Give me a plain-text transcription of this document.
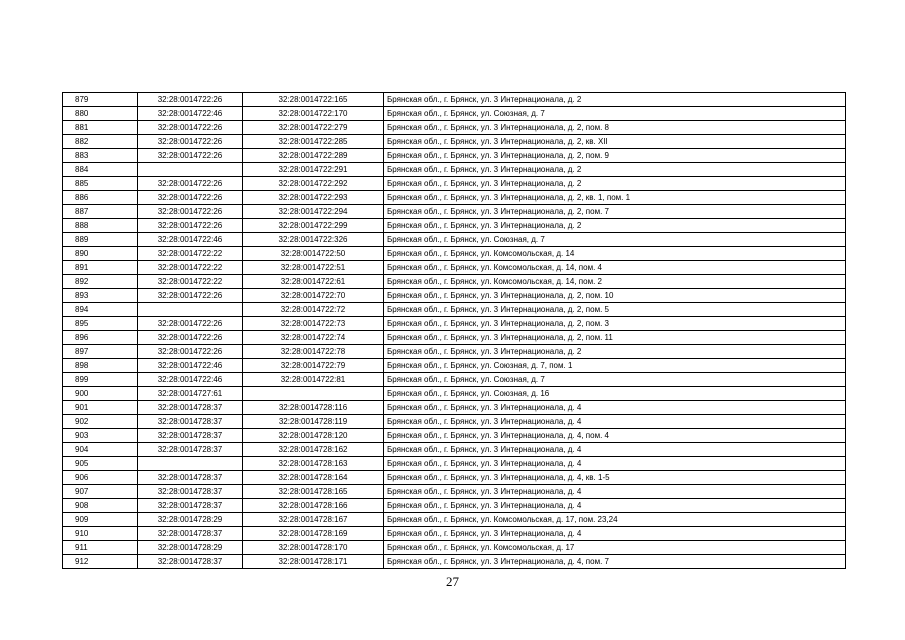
879	32:28:0014722:26	32:28:0014722:165	Брянская обл., г. Брянск, ул. 3 Интернационала, д. 2
880	32:28:0014722:46	32:28:0014722:170	Брянская обл., г. Брянск, ул. Союзная, д. 7
881	32:28:0014722:26	32:28:0014722:279	Брянская обл., г. Брянск, ул. 3 Интернационала, д. 2, пом. 8
882	32:28:0014722:26	32:28:0014722:285	Брянская обл., г. Брянск, ул. 3 Интернационала, д. 2, кв. XII
883	32:28:0014722:26	32:28:0014722:289	Брянская обл., г. Брянск, ул. 3 Интернационала, д. 2, пом. 9
884		32:28:0014722:291	Брянская обл., г. Брянск, ул. 3 Интернационала, д. 2
885	32:28:0014722:26	32:28:0014722:292	Брянская обл., г. Брянск, ул. 3 Интернационала, д. 2
886	32:28:0014722:26	32:28:0014722:293	Брянская обл., г. Брянск, ул. 3 Интернационала, д. 2, кв. 1, пом. 1
887	32:28:0014722:26	32:28:0014722:294	Брянская обл., г. Брянск, ул. 3 Интернационала, д. 2, пом. 7
888	32:28:0014722:26	32:28:0014722:299	Брянская обл., г. Брянск, ул. 3 Интернационала, д. 2
889	32:28:0014722:46	32:28:0014722:326	Брянская обл., г. Брянск, ул. Союзная, д. 7
890	32:28:0014722:22	32:28:0014722:50	Брянская обл., г. Брянск, ул. Комсомольская, д. 14
891	32:28:0014722:22	32:28:0014722:51	Брянская обл., г. Брянск, ул. Комсомольская, д. 14, пом. 4
892	32:28:0014722:22	32:28:0014722:61	Брянская обл., г. Брянск, ул. Комсомольская, д. 14, пом. 2
893	32:28:0014722:26	32:28:0014722:70	Брянская обл., г. Брянск, ул. 3 Интернационала, д. 2, пом. 10
894		32:28:0014722:72	Брянская обл., г. Брянск, ул. 3 Интернационала, д. 2, пом. 5
895	32:28:0014722:26	32:28:0014722:73	Брянская обл., г. Брянск, ул. 3 Интернационала, д. 2, пом. 3
896	32:28:0014722:26	32:28:0014722:74	Брянская обл., г. Брянск, ул. 3 Интернационала, д. 2, пом. 11
897	32:28:0014722:26	32:28:0014722:78	Брянская обл., г. Брянск, ул. 3 Интернационала, д. 2
898	32:28:0014722:46	32:28:0014722:79	Брянская обл., г. Брянск, ул. Союзная, д. 7, пом. 1
899	32:28:0014722:46	32:28:0014722:81	Брянская обл., г. Брянск, ул. Союзная, д. 7
900	32:28:0014727:61		Брянская обл., г. Брянск, ул. Союзная, д. 16
901	32:28:0014728:37	32:28:0014728:116	Брянская обл., г. Брянск, ул. 3 Интернационала, д. 4
902	32:28:0014728:37	32:28:0014728:119	Брянская обл., г. Брянск, ул. 3 Интернационала, д. 4
903	32:28:0014728:37	32:28:0014728:120	Брянская обл., г. Брянск, ул. 3 Интернационала, д. 4, пом. 4
904	32:28:0014728:37	32:28:0014728:162	Брянская обл., г. Брянск, ул. 3 Интернационала, д. 4
905		32:28:0014728:163	Брянская обл., г. Брянск, ул. 3 Интернационала, д. 4
906	32:28:0014728:37	32:28:0014728:164	Брянская обл., г. Брянск, ул. 3 Интернационала, д. 4, кв. 1-5
907	32:28:0014728:37	32:28:0014728:165	Брянская обл., г. Брянск, ул. 3 Интернационала, д. 4
908	32:28:0014728:37	32:28:0014728:166	Брянская обл., г. Брянск, ул. 3 Интернационала, д. 4
909	32:28:0014728:29	32:28:0014728:167	Брянская обл., г. Брянск, ул. Комсомольская, д. 17, пом. 23,24
910	32:28:0014728:37	32:28:0014728:169	Брянская обл., г. Брянск, ул. 3 Интернационала, д. 4
911	32:28:0014728:29	32:28:0014728:170	Брянская обл., г. Брянск, ул. Комсомольская, д. 17
912	32:28:0014728:37	32:28:0014728:171	Брянская обл., г. Брянск, ул. 3 Интернационала, д. 4, пом. 7
27
